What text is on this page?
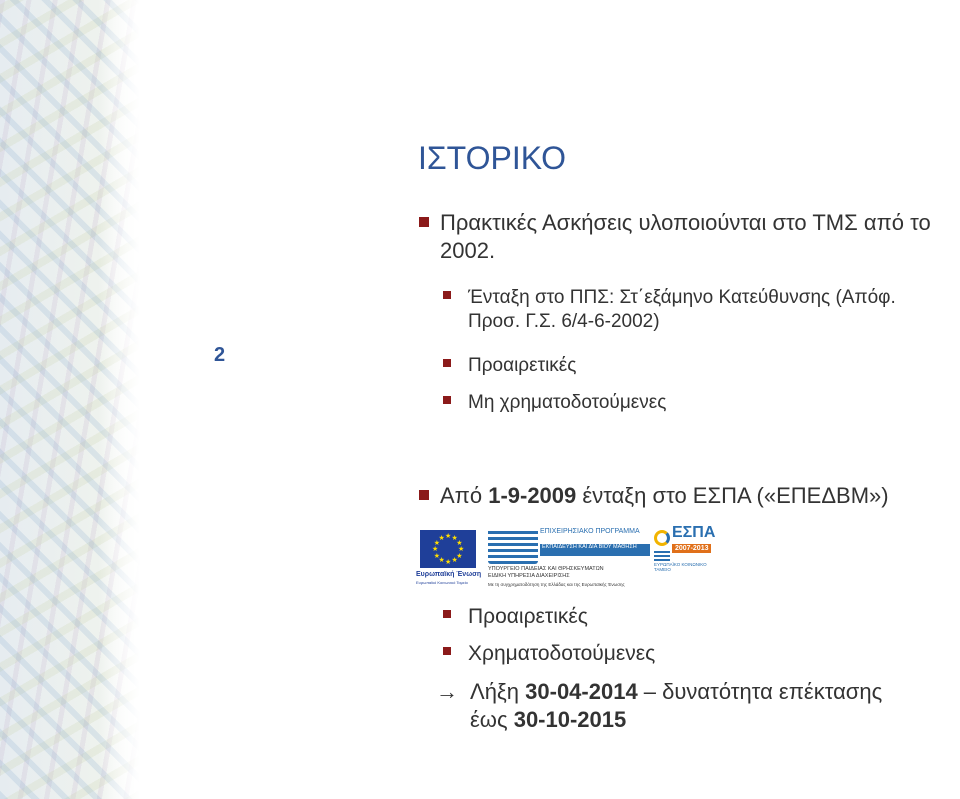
2
ΙΣΤΟΡΙΚΟ
Πρακτικές Ασκήσεις υλοποιούνται στο ΤΜΣ από το 2002.
Ένταξη στο ΠΠΣ: Στ΄εξάμηνο Κατεύθυνσης (Απόφ. Προσ. Γ.Σ. 6/4-6-2002)
Προαιρετικές
Μη χρηματοδοτούμενες
Από 1-9-2009 ένταξη στο ΕΣΠΑ («ΕΠΕΔΒΜ»)
★
★
★
★
★
★
★
★
★ ★ ★
★
Ευρωπαϊκή Ένωση
Ευρωπαϊκό Κοινωνικό Ταμείο
ΕΠΙΧΕΙΡΗΣΙΑΚΟ ΠΡΟΓΡΑΜΜΑ
ΕΚΠΑΙΔΕΥΣΗ ΚΑΙ ΔΙΑ ΒΙΟΥ ΜΑΘΗΣΗ
ΥΠΟΥΡΓΕΙΟ ΠΑΙΔΕΙΑΣ ΚΑΙ ΘΡΗΣΚΕΥΜΑΤΩΝ
ΕΙΔΙΚΗ ΥΠΗΡΕΣΙΑ ΔΙΑΧΕΙΡΙΣΗΣ
Με τη συγχρηματοδότηση της Ελλάδας και της Ευρωπαϊκής Ένωσης
ΕΣΠΑ
2007-2013
ΕΥΡΩΠΑΪΚΟ ΚΟΙΝΩΝΙΚΟ ΤΑΜΕΙΟ
Προαιρετικές
Χρηματοδοτούμενες
→ Λήξη 30-04-2014 – δυνατότητα επέκτασης
έως 30-10-2015
